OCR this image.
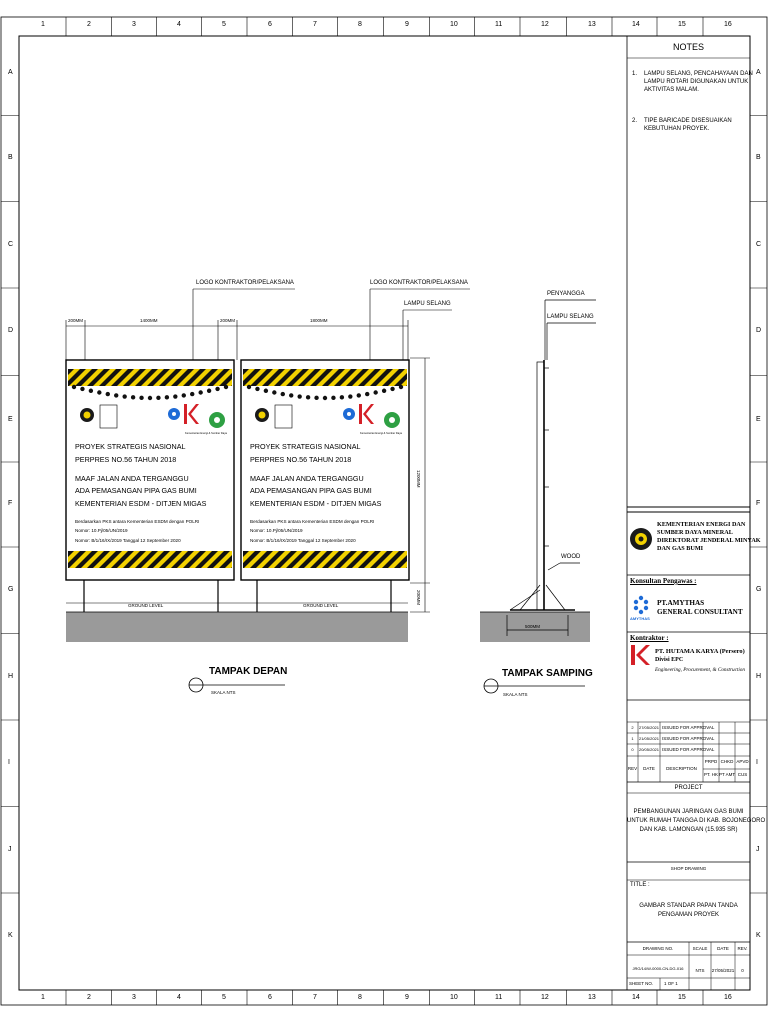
1	2	3	4	5	6	7	8	9	10	11	12	13	14	15	16
1	2	3	4	5	6	7	8	9	10	11	12	13	14	15	16
A
B
C
D
E
F
G
H
I
J
K
A
B
C
D
E
F
G
H
I
J
K
NOTES
1. LAMPU SELANG, PENCAHAYAAN DAN
LAMPU ROTARI DIGUNAKAN UNTUK
AKTIVITAS MALAM.
2. TIPE BARICADE DISESUAIKAN
KEBUTUHAN PROYEK.
LOGO KONTRAKTOR/PELAKSANA	LOGO KONTRAKTOR/PELAKSANA
LAMPU SELANG
200MM	1400MM	200MM	1800MM
1200MM
200MM
PROYEK STRATEGIS NASIONAL
PERPRES NO.56 TAHUN 2018
MAAF JALAN ANDA TERGANGGU
ADA PEMASANGAN PIPA GAS BUMI
KEMENTERIAN ESDM - DITJEN MIGAS
Berdasarkan PKS antara Kementerian ESDM dengan POLRI
Nomor: 10.Pj/05/UN/2019
Nomor: B/1/16/IX/2019 Tanggal 12 September 2020
Kementerian Energi & Sumber Daya
PROYEK STRATEGIS NASIONAL
PERPRES NO.56 TAHUN 2018
MAAF JALAN ANDA TERGANGGU
ADA PEMASANGAN PIPA GAS BUMI
KEMENTERIAN ESDM - DITJEN MIGAS
Berdasarkan PKS antara Kementerian ESDM dengan POLRI
Nomor: 10.Pj/05/UN/2019
Nomor: B/1/16/IX/2019 Tanggal 12 September 2020
Kementerian Energi & Sumber Daya
GROUND LEVEL	GROUND LEVEL
TAMPAK DEPAN
SKALA NTS
PENYANGGA
LAMPU SELANG
WOOD
500MM
TAMPAK SAMPING
SKALA NTS
KEMENTERIAN ENERGI DAN
SUMBER DAYA MINERAL
DIREKTORAT JENDERAL MINYAK
DAN GAS BUMI
Konsultan Pengawas :
PT.AMYTHAS
GENERAL CONSULTANT
AMYTHAS
Kontraktor :
PT. HUTAMA KARYA (Persero)
Divisi EPC
Engineering, Procurement, & Construction
2	27/05/2021 ISSUED FOR APPROVAL
1	21/05/2021 ISSUED FOR APPROVAL
0	20/05/2021 ISSUED FOR APPROVAL
REV	DATE	DESCRIPTION
PRPD CHKD APVD
PT. HK PT AMT CUS
PROJECT
PEMBANGUNAN JARINGAN GAS BUMI
UNTUK RUMAH TANGGA DI KAB. BOJONEGORO
DAN KAB. LAMONGAN (15.935 SR)
SHOP DRAWING
TITLE :
GAMBAR STANDAR PAPAN TANDA
PENGAMAN PROYEK
DRAWING NO.	SCALE	DATE	REV.
JRG/14/W-0000-CN-DG-016	NTS	27/05/2021	0
SHEET NO. 1 OF 1
